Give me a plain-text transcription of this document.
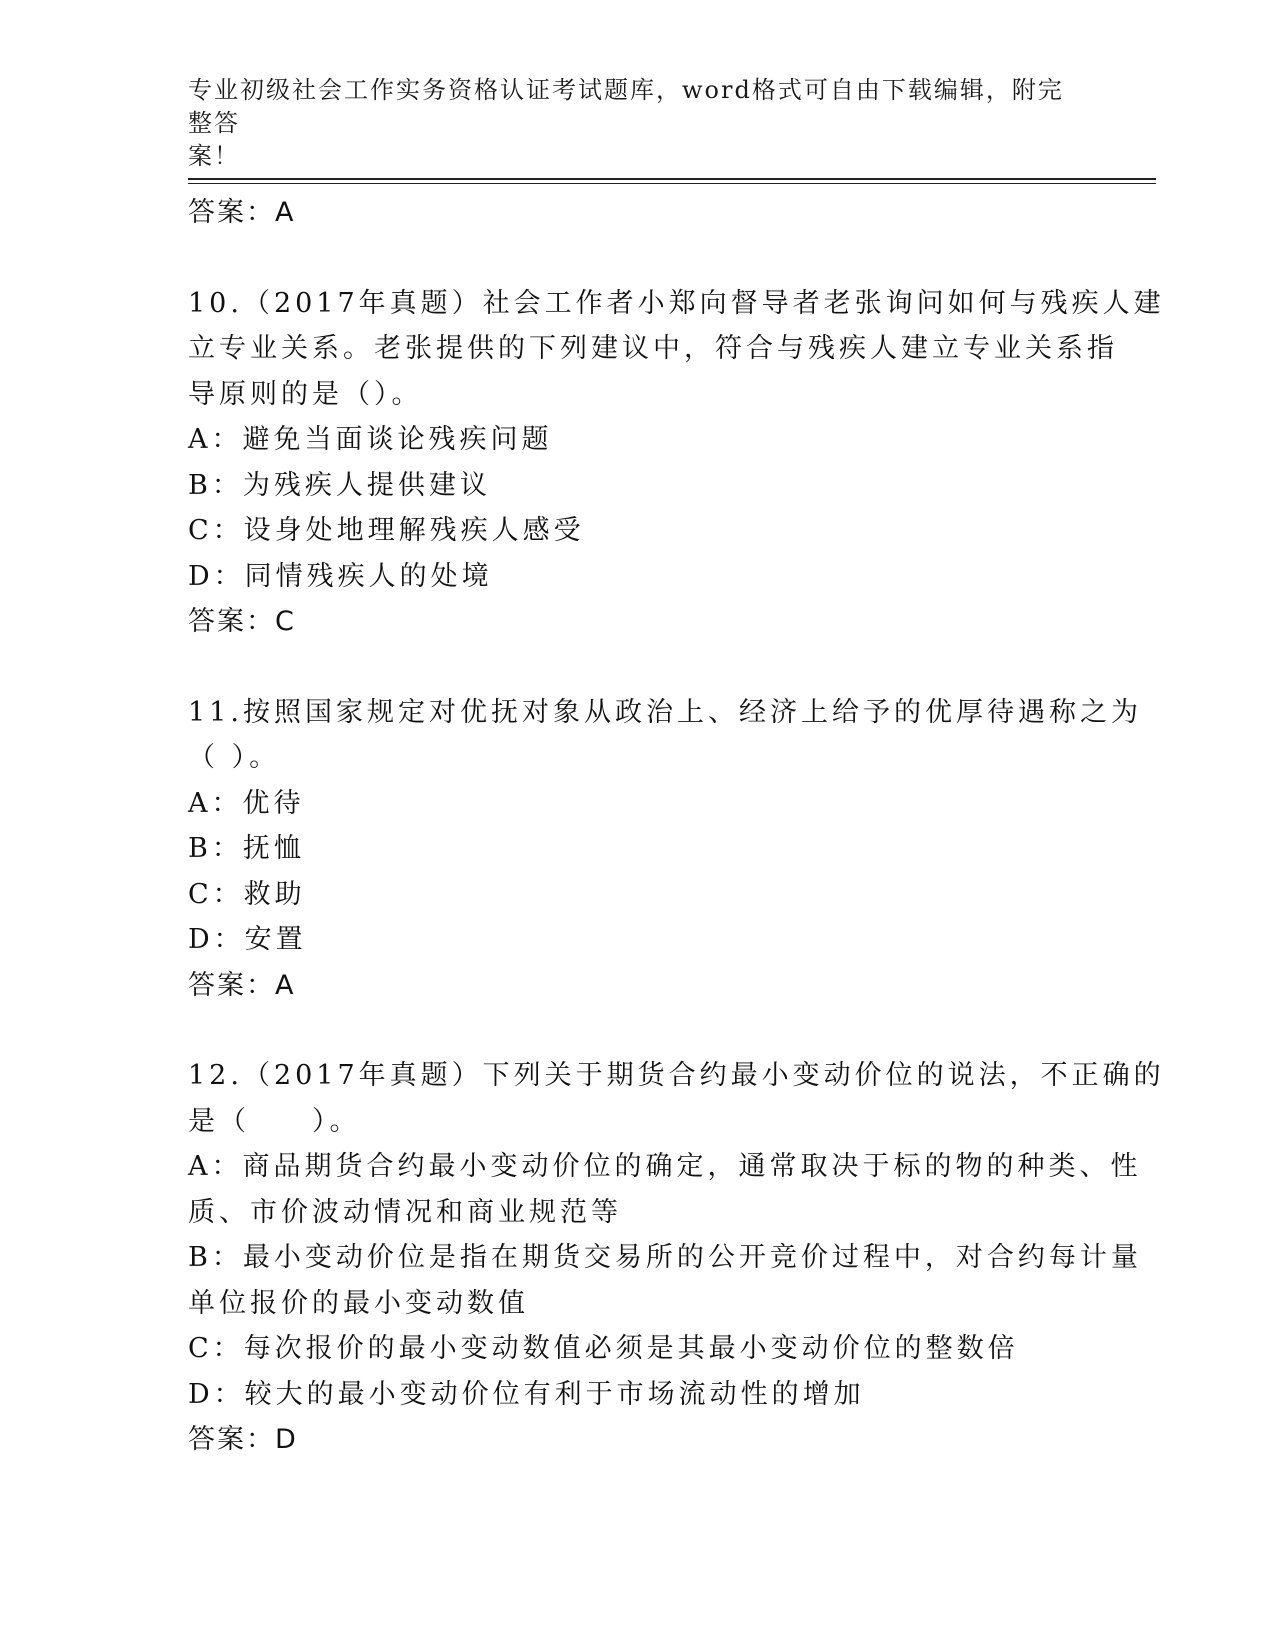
专业初级社会工作实务资格认证考试题库，word格式可自由下载编辑，附完整答
案！
答案：A
10.（2017年真题）社会工作者小郑向督导者老张询问如何与残疾人建
立专业关系。老张提供的下列建议中，符合与残疾人建立专业关系指
导原则的是（）。
A：避免当面谈论残疾问题
B：为残疾人提供建议
C：设身处地理解残疾人感受
D：同情残疾人的处境
答案：C
11.按照国家规定对优抚对象从政治上、经济上给予的优厚待遇称之为
（ ）。
A：优待
B：抚恤
C：救助
D：安置
答案：A
12.（2017年真题）下列关于期货合约最小变动价位的说法，不正确的
是（　　）。
A：商品期货合约最小变动价位的确定，通常取决于标的物的种类、性
质、市价波动情况和商业规范等
B：最小变动价位是指在期货交易所的公开竞价过程中，对合约每计量
单位报价的最小变动数值
C：每次报价的最小变动数值必须是其最小变动价位的整数倍
D：较大的最小变动价位有利于市场流动性的增加
答案：D
